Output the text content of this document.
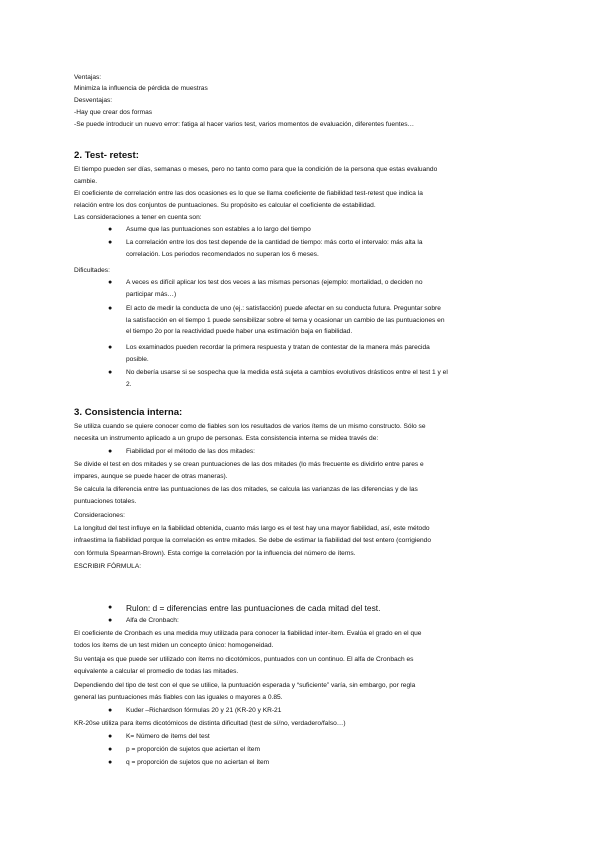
Ventajas:
Minimiza la influencia de pérdida de muestras
Desventajas:
-Hay que crear dos formas
-Se puede introducir un nuevo error: fatiga al hacer varios test, varios momentos de evaluación, diferentes fuentes…
2. Test- retest:
El tiempo pueden ser días, semanas o meses, pero no tanto como para que la condición de la persona que estas evaluando
cambie.
El coeficiente de correlación entre las dos ocasiones es lo que se llama coeficiente de fiabilidad test-retest que indica la
relación entre los dos conjuntos de puntuaciones. Su propósito es calcular el coeficiente de estabilidad.
Las consideraciones a tener en cuenta son:
● Asume que las puntuaciones son estables a lo largo del tiempo
● La correlación entre los dos test depende de la cantidad de tiempo: más corto el intervalo: más alta la
correlación. Los periodos recomendados no superan los 6 meses.
Dificultades:
● A veces es difícil aplicar los test dos veces a las mismas personas (ejemplo: mortalidad, o deciden no
participar más…)
● El acto de medir la conducta de uno (ej.: satisfacción) puede afectar en su conducta futura. Preguntar sobre
la satisfacción en el tiempo 1 puede sensibilizar sobre el tema y ocasionar un cambio de las puntuaciones en
el tiempo 2o por la reactividad puede haber una estimación baja en fiabilidad.
● Los examinados pueden recordar la primera respuesta y tratan de contestar de la manera más parecida
posible.
● No debería usarse si se sospecha que la medida está sujeta a cambios evolutivos drásticos entre el test 1 y el
2.
3. Consistencia interna:
Se utiliza cuando se quiere conocer como de fiables son los resultados de varios ítems de un mismo constructo. Sólo se
necesita un instrumento aplicado a un grupo de personas. Esta consistencia interna se midea través de:
● Fiabilidad por el método de las dos mitades:
Se divide el test en dos mitades y se crean puntuaciones de las dos mitades (lo más frecuente es dividirlo entre pares e
impares, aunque se puede hacer de otras maneras).
Se calcula la diferencia entre las puntuaciones de las dos mitades, se calcula las varianzas de las diferencias y de las
puntuaciones totales.
Consideraciones:
La longitud del test influye en la fiabilidad obtenida, cuanto más largo es el test hay una mayor fiabilidad, así, este método
infraestima la fiabilidad porque la correlación es entre mitades. Se debe de estimar la fiabilidad del test entero (corrigiendo
con fórmula Spearman-Brown). Esta corrige la correlación por la influencia del número de ítems.
ESCRIBIR FÓRMULA:
● Rulon: d = diferencias entre las puntuaciones de cada mitad del test.
● Alfa de Cronbach:
El coeficiente de Cronbach es una medida muy utilizada para conocer la fiabilidad inter-ítem. Evalúa el grado en el que
todos los ítems de un test miden un concepto único: homogeneidad.
Su ventaja es que puede ser utilizado con ítems no dicotómicos, puntuados con un continuo. El alfa de Cronbach es
equivalente a calcular el promedio de todas las mitades.
Dependiendo del tipo de test con el que se utilice, la puntuación esperada y “suficiente” varía, sin embargo, por regla
general las puntuaciones más fiables con las iguales o mayores a 0.85.
● Kuder –Richardson fórmulas 20 y 21 (KR-20 y KR-21
KR-20se utiliza para ítems dicotómicos de distinta dificultad (test de sí/no, verdadero/falso…)
● K= Número de ítems del test
● p = proporción de sujetos que aciertan el ítem
● q = proporción de sujetos que no aciertan el ítem
